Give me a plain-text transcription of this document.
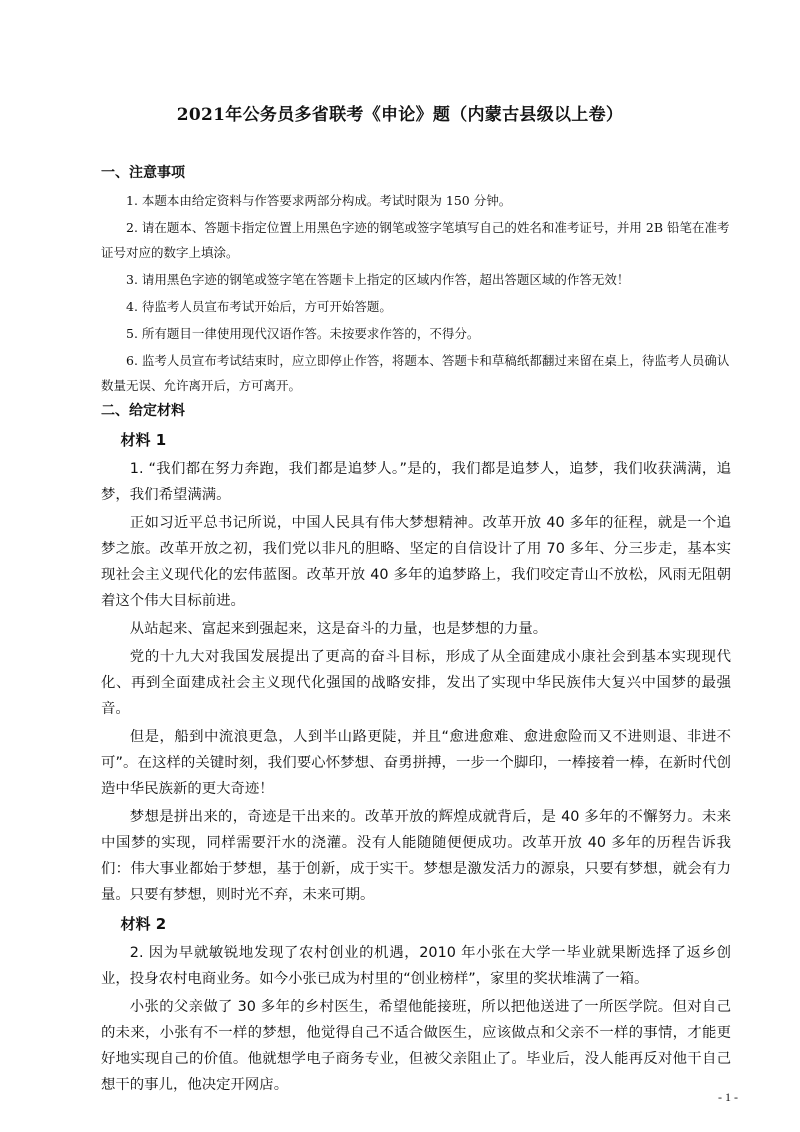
2021年公务员多省联考《申论》题（内蒙古县级以上卷）

一、注意事项

1. 本题本由给定资料与作答要求两部分构成。考试时限为 150 分钟。

2. 请在题本、答题卡指定位置上用黑色字迹的钢笔或签字笔填写自己的姓名和准考证号，并用 2B 铅笔在准考证号对应的数字上填涂。

3. 请用黑色字迹的钢笔或签字笔在答题卡上指定的区域内作答，超出答题区域的作答无效！

4. 待监考人员宣布考试开始后，方可开始答题。

5. 所有题目一律使用现代汉语作答。未按要求作答的，不得分。

6. 监考人员宣布考试结束时，应立即停止作答，将题本、答题卡和草稿纸都翻过来留在桌上，待监考人员确认数量无误、允许离开后，方可离开。

二、给定材料

材料 1

1. “我们都在努力奔跑，我们都是追梦人。”是的，我们都是追梦人，追梦，我们收获满满，追梦，我们希望满满。

正如习近平总书记所说，中国人民具有伟大梦想精神。改革开放 40 多年的征程，就是一个追梦之旅。改革开放之初，我们党以非凡的胆略、坚定的自信设计了用 70 多年、分三步走，基本实现社会主义现代化的宏伟蓝图。改革开放 40 多年的追梦路上，我们咬定青山不放松，风雨无阻朝着这个伟大目标前进。

从站起来、富起来到强起来，这是奋斗的力量，也是梦想的力量。

党的十九大对我国发展提出了更高的奋斗目标，形成了从全面建成小康社会到基本实现现代化、再到全面建成社会主义现代化强国的战略安排，发出了实现中华民族伟大复兴中国梦的最强音。

但是，船到中流浪更急，人到半山路更陡，并且“愈进愈难、愈进愈险而又不进则退、非进不可”。在这样的关键时刻，我们要心怀梦想、奋勇拼搏，一步一个脚印，一棒接着一棒，在新时代创造中华民族新的更大奇迹！

梦想是拼出来的，奇迹是干出来的。改革开放的辉煌成就背后，是 40 多年的不懈努力。未来中国梦的实现，同样需要汗水的浇灌。没有人能随随便便成功。改革开放 40 多年的历程告诉我们：伟大事业都始于梦想，基于创新，成于实干。梦想是激发活力的源泉，只要有梦想，就会有力量。只要有梦想，则时光不弃，未来可期。

材料 2

2. 因为早就敏锐地发现了农村创业的机遇，2010 年小张在大学一毕业就果断选择了返乡创业，投身农村电商业务。如今小张已成为村里的“创业榜样”，家里的奖状堆满了一箱。

小张的父亲做了 30 多年的乡村医生，希望他能接班，所以把他送进了一所医学院。但对自己的未来，小张有不一样的梦想，他觉得自己不适合做医生，应该做点和父亲不一样的事情，才能更好地实现自己的价值。他就想学电子商务专业，但被父亲阻止了。毕业后，没人能再反对他干自己想干的事儿，他决定开网店。

- 1 -
